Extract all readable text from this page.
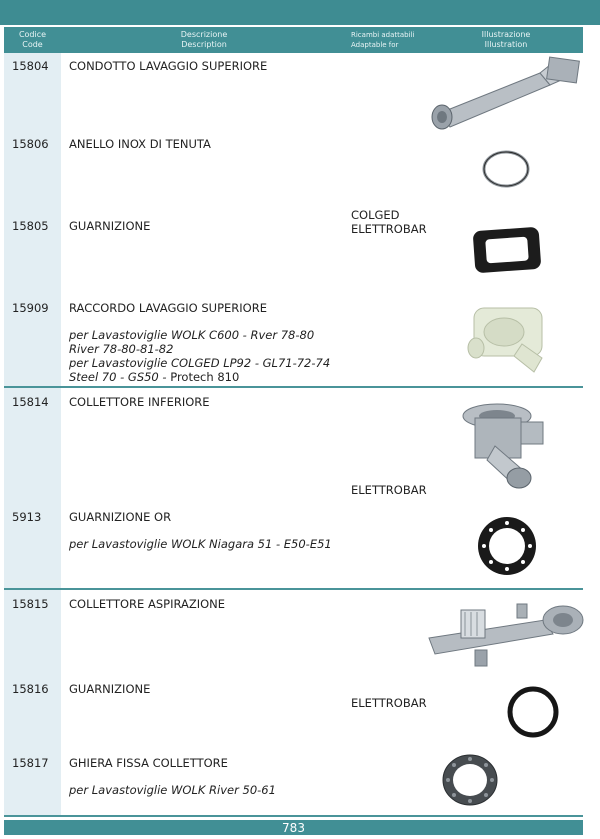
Codice
Code
Descrizione
Description
Ricambi adattabili
Adaptable for
Illustrazione
Illustration
15804 CONDOTTO LAVAGGIO SUPERIORE
15806 ANELLO INOX DI TENUTA
COLGED
ELETTROBAR
15805 GUARNIZIONE
15909 RACCORDO LAVAGGIO SUPERIORE
per Lavastoviglie WOLK C600 - Rver 78-80
River 78-80-81-82
per Lavastoviglie COLGED LP92 - GL71-72-74
Steel 70 - GS50 - Protech 810
15814 COLLETTORE INFERIORE
ELETTROBAR
5913 GUARNIZIONE OR
per Lavastoviglie WOLK Niagara 51 - E50-E51
15815 COLLETTORE ASPIRAZIONE
15816 GUARNIZIONE
ELETTROBAR
15817 GHIERA FISSA COLLETTORE
per Lavastoviglie WOLK River 50-61
783
